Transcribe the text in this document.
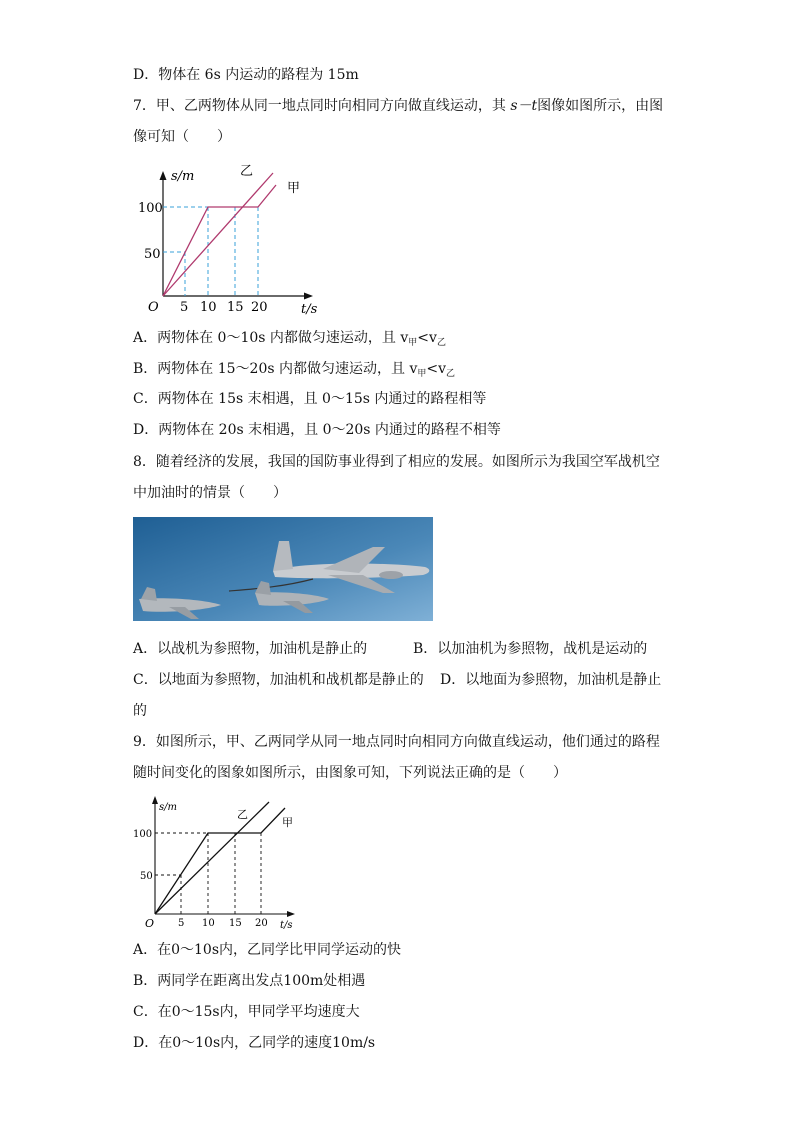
D．物体在 6s 内运动的路程为 15m
7．甲、乙两物体从同一地点同时向相同方向做直线运动，其 s－t图像如图所示，由图
像可知（　　）
s/m
100
50
O 5 10 15 20	t/s
乙
甲
A．两物体在 0～10s 内都做匀速运动，且 $v_甲<v_乙$
B．两物体在 15～20s 内都做匀速运动，且 $v_甲<v_乙$
C．两物体在 15s 末相遇，且 0～15s 内通过的路程相等
D．两物体在 20s 末相遇，且 0～20s 内通过的路程不相等
8．随着经济的发展，我国的国防事业得到了相应的发展。如图所示为我国空军战机空
中加油时的情景（　　）
A．以战机为参照物，加油机是静止的	B．以加油机为参照物，战机是运动的
C．以地面为参照物，加油机和战机都是静止的 D．以地面为参照物，加油机是静止
的
9．如图所示，甲、乙两同学从同一地点同时向相同方向做直线运动，他们通过的路程
随时间变化的图象如图所示，由图象可知，下列说法正确的是（　　）
s/m
100
50
O 5 10 15 20 t/s
乙
甲
A．在0～10s内，乙同学比甲同学运动的快
B．两同学在距离出发点100m处相遇
C．在0～15s内，甲同学平均速度大
D．在0～10s内，乙同学的速度10m/s
